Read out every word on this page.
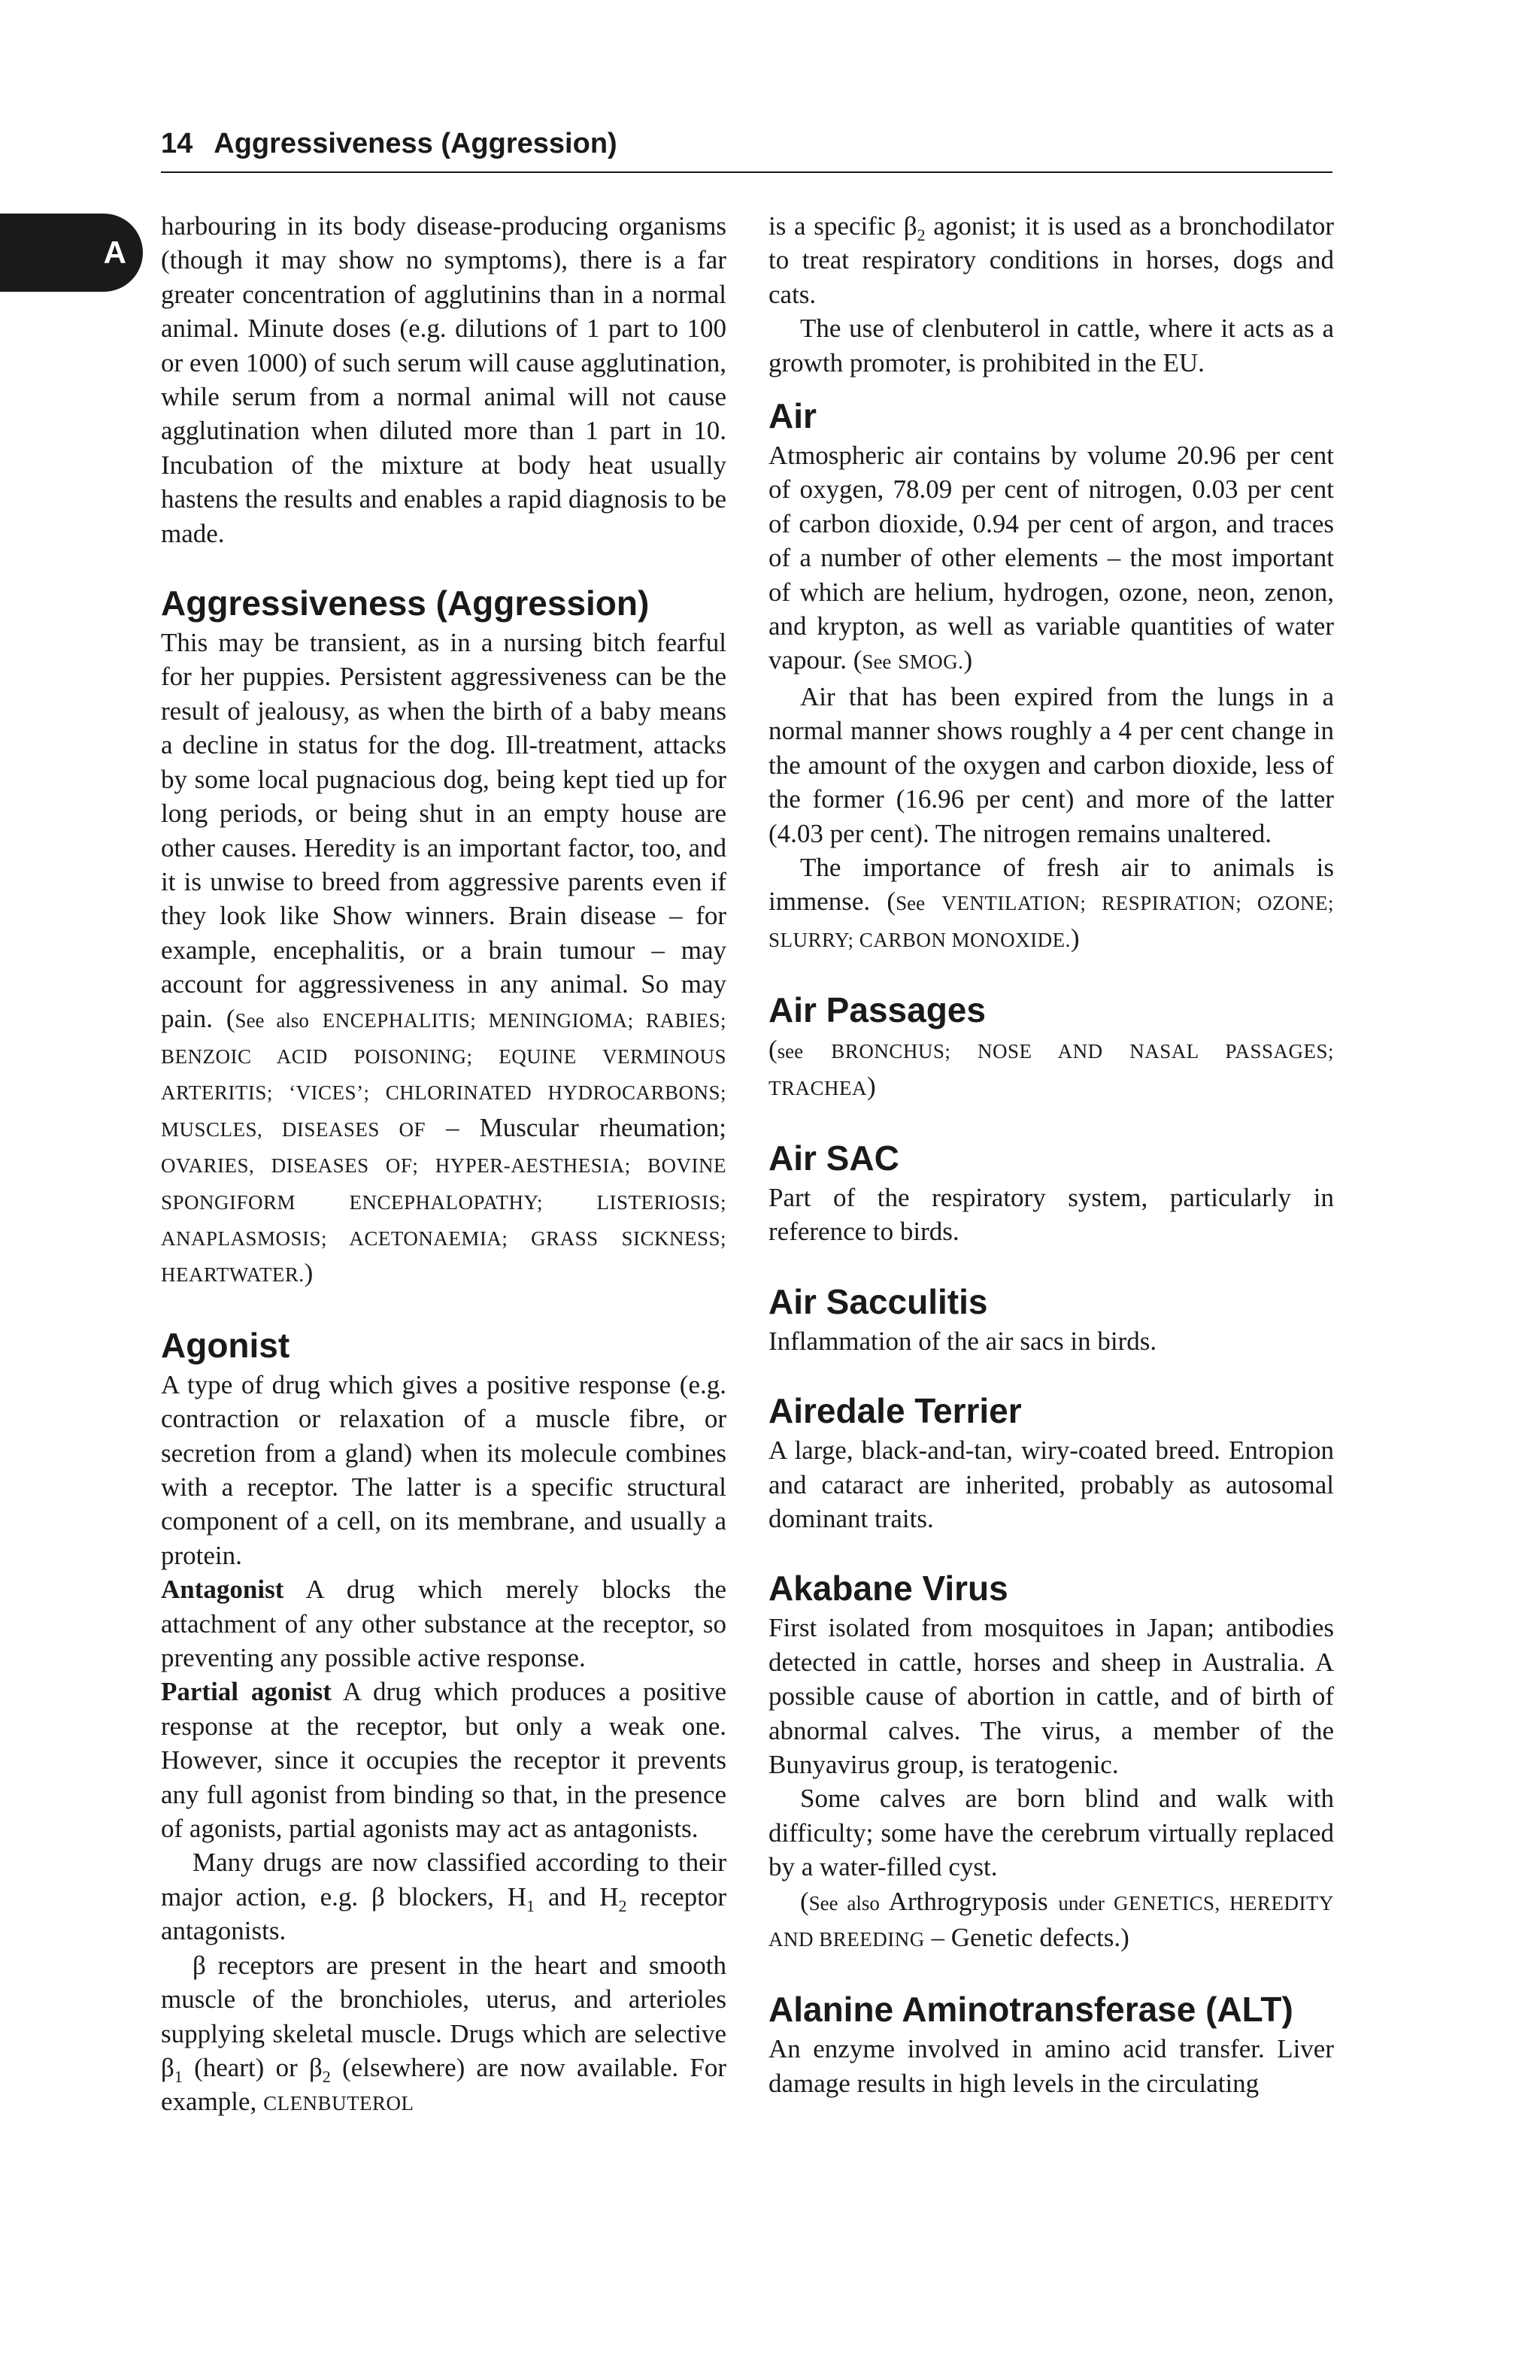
14 Aggressiveness (Aggression)
A

harbouring in its body disease-producing organisms (though it may show no symptoms), there is a far greater concentration of agglutinins than in a normal animal. Minute doses (e.g. dilutions of 1 part to 100 or even 1000) of such serum will cause agglutination, while serum from a normal animal will not cause agglutination when diluted more than 1 part in 10. Incubation of the mixture at body heat usually hastens the results and enables a rapid diagnosis to be made.

Aggressiveness (Aggression)

This may be transient, as in a nursing bitch fearful for her puppies. Persistent aggressiveness can be the result of jealousy, as when the birth of a baby means a decline in status for the dog. Ill-treatment, attacks by some local pugnacious dog, being kept tied up for long periods, or being shut in an empty house are other causes. Heredity is an important factor, too, and it is unwise to breed from aggressive parents even if they look like Show winners. Brain disease – for example, encephalitis, or a brain tumour – may account for aggressiveness in any animal. So may pain. (See also ENCEPHALITIS; MENINGIOMA; RABIES; BENZOIC ACID POISONING; EQUINE VERMINOUS ARTERITIS; ‘VICES’; CHLORINATED HYDROCARBONS; MUSCLES, DISEASES OF – Muscular rheumation; OVARIES, DISEASES OF; HYPER-AESTHESIA; BOVINE SPONGIFORM ENCEPHALOPATHY; LISTERIOSIS; ANAPLASMOSIS; ACETONAEMIA; GRASS SICKNESS; HEARTWATER.)

Agonist

A type of drug which gives a positive response (e.g. contraction or relaxation of a muscle fibre, or secretion from a gland) when its molecule combines with a receptor. The latter is a specific structural component of a cell, on its membrane, and usually a protein.

Antagonist A drug which merely blocks the attachment of any other substance at the receptor, so preventing any possible active response.

Partial agonist A drug which produces a positive response at the receptor, but only a weak one. However, since it occupies the receptor it prevents any full agonist from binding so that, in the presence of agonists, partial agonists may act as antagonists.

Many drugs are now classified according to their major action, e.g. β blockers, $H_1$ and $H_2$ receptor antagonists.

β receptors are present in the heart and smooth muscle of the bronchioles, uterus, and arterioles supplying skeletal muscle. Drugs which are selective $\beta_1$ (heart) or $\beta_2$ (elsewhere) are now available. For example, CLENBUTEROL

is a specific $\beta_2$ agonist; it is used as a bronchodilator to treat respiratory conditions in horses, dogs and cats.

The use of clenbuterol in cattle, where it acts as a growth promoter, is prohibited in the EU.

Air

Atmospheric air contains by volume 20.96 per cent of oxygen, 78.09 per cent of nitrogen, 0.03 per cent of carbon dioxide, 0.94 per cent of argon, and traces of a number of other elements – the most important of which are helium, hydrogen, ozone, neon, zenon, and krypton, as well as variable quantities of water vapour. (See SMOG.)

Air that has been expired from the lungs in a normal manner shows roughly a 4 per cent change in the amount of the oxygen and carbon dioxide, less of the former (16.96 per cent) and more of the latter (4.03 per cent). The nitrogen remains unaltered.

The importance of fresh air to animals is immense. (See VENTILATION; RESPIRATION; OZONE; SLURRY; CARBON MONOXIDE.)

Air Passages

(see BRONCHUS; NOSE AND NASAL PASSAGES; TRACHEA)

Air SAC

Part of the respiratory system, particularly in reference to birds.

Air Sacculitis

Inflammation of the air sacs in birds.

Airedale Terrier

A large, black-and-tan, wiry-coated breed. Entropion and cataract are inherited, probably as autosomal dominant traits.

Akabane Virus

First isolated from mosquitoes in Japan; antibodies detected in cattle, horses and sheep in Australia. A possible cause of abortion in cattle, and of birth of abnormal calves. The virus, a member of the Bunyavirus group, is teratogenic.

Some calves are born blind and walk with difficulty; some have the cerebrum virtually replaced by a water-filled cyst.

(See also Arthrogryposis under GENETICS, HEREDITY AND BREEDING – Genetic defects.)

Alanine Aminotransferase (ALT)

An enzyme involved in amino acid transfer. Liver damage results in high levels in the circulating
